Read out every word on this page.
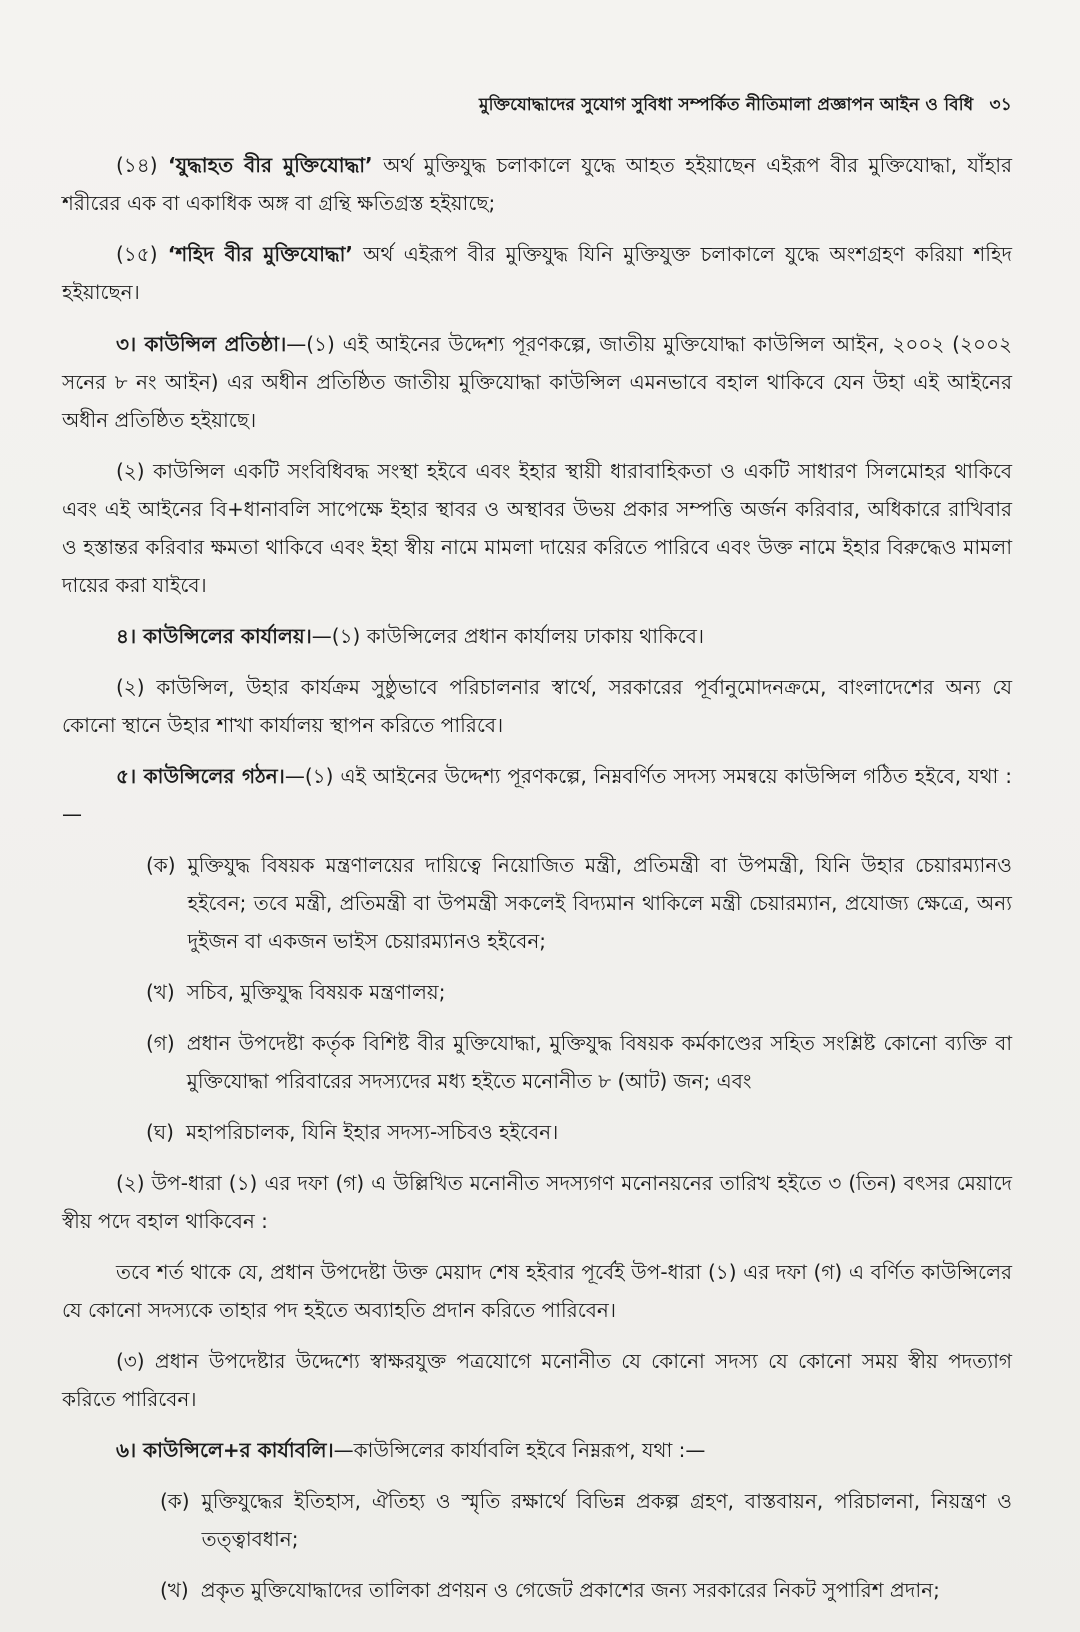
মুক্তিযোদ্ধাদের সুযোগ সুবিধা সম্পর্কিত নীতিমালা প্রজ্ঞাপন আইন ও বিধি ৩১

(১৪) ‘যুদ্ধাহত বীর মুক্তিযোদ্ধা’ অর্থ মুক্তিযুদ্ধ চলাকালে যুদ্ধে আহত হইয়াছেন এইরূপ বীর মুক্তিযোদ্ধা, যাঁহার শরীরের এক বা একাধিক অঙ্গ বা গ্রন্থি ক্ষতিগ্রস্ত হইয়াছে;

(১৫) ‘শহিদ বীর মুক্তিযোদ্ধা’ অর্থ এইরূপ বীর মুক্তিযুদ্ধ যিনি মুক্তিযুক্ত চলাকালে যুদ্ধে অংশগ্রহণ করিয়া শহিদ হইয়াছেন।

৩। কাউন্সিল প্রতিষ্ঠা।—(১) এই আইনের উদ্দেশ্য পূরণকল্পে, জাতীয় মুক্তিযোদ্ধা কাউন্সিল আইন, ২০০২ (২০০২ সনের ৮ নং আইন) এর অধীন প্রতিষ্ঠিত জাতীয় মুক্তিযোদ্ধা কাউন্সিল এমনভাবে বহাল থাকিবে যেন উহা এই আইনের অধীন প্রতিষ্ঠিত হইয়াছে।

(২) কাউন্সিল একটি সংবিধিবদ্ধ সংস্থা হইবে এবং ইহার স্থায়ী ধারাবাহিকতা ও একটি সাধারণ সিলমোহর থাকিবে এবং এই আইনের বি+ধানাবলি সাপেক্ষে ইহার স্থাবর ও অস্থাবর উভয় প্রকার সম্পত্তি অর্জন করিবার, অধিকারে রাখিবার ও হস্তান্তর করিবার ক্ষমতা থাকিবে এবং ইহা স্বীয় নামে মামলা দায়ের করিতে পারিবে এবং উক্ত নামে ইহার বিরুদ্ধেও মামলা দায়ের করা যাইবে।

৪। কাউন্সিলের কার্যালয়।—(১) কাউন্সিলের প্রধান কার্যালয় ঢাকায় থাকিবে।

(২) কাউন্সিল, উহার কার্যক্রম সুষ্ঠুভাবে পরিচালনার স্বার্থে, সরকারের পূর্বানুমোদনক্রমে, বাংলাদেশের অন্য যে কোনো স্থানে উহার শাখা কার্যালয় স্থাপন করিতে পারিবে।

৫। কাউন্সিলের গঠন।—(১) এই আইনের উদ্দেশ্য পূরণকল্পে, নিম্নবর্ণিত সদস্য সমন্বয়ে কাউন্সিল গঠিত হইবে, যথা :—

(ক) মুক্তিযুদ্ধ বিষয়ক মন্ত্রণালয়ের দায়িত্বে নিয়োজিত মন্ত্রী, প্রতিমন্ত্রী বা উপমন্ত্রী, যিনি উহার চেয়ারম্যানও হইবেন; তবে মন্ত্রী, প্রতিমন্ত্রী বা উপমন্ত্রী সকলেই বিদ্যমান থাকিলে মন্ত্রী চেয়ারম্যান, প্রযোজ্য ক্ষেত্রে, অন্য দুইজন বা একজন ভাইস চেয়ারম্যানও হইবেন;
(খ) সচিব, মুক্তিযুদ্ধ বিষয়ক মন্ত্রণালয়;
(গ) প্রধান উপদেষ্টা কর্তৃক বিশিষ্ট বীর মুক্তিযোদ্ধা, মুক্তিযুদ্ধ বিষয়ক কর্মকাণ্ডের সহিত সংশ্লিষ্ট কোনো ব্যক্তি বা মুক্তিযোদ্ধা পরিবারের সদস্যদের মধ্য হইতে মনোনীত ৮ (আট) জন; এবং
(ঘ) মহাপরিচালক, যিনি ইহার সদস্য-সচিবও হইবেন।

(২) উপ-ধারা (১) এর দফা (গ) এ উল্লিখিত মনোনীত সদস্যগণ মনোনয়নের তারিখ হইতে ৩ (তিন) বৎসর মেয়াদে স্বীয় পদে বহাল থাকিবেন :

তবে শর্ত থাকে যে, প্রধান উপদেষ্টা উক্ত মেয়াদ শেষ হইবার পূর্বেই উপ-ধারা (১) এর দফা (গ) এ বর্ণিত কাউন্সিলের যে কোনো সদস্যকে তাহার পদ হইতে অব্যাহতি প্রদান করিতে পারিবেন।

(৩) প্রধান উপদেষ্টার উদ্দেশ্যে স্বাক্ষরযুক্ত পত্রযোগে মনোনীত যে কোনো সদস্য যে কোনো সময় স্বীয় পদত্যাগ করিতে পারিবেন।

৬। কাউন্সিলে+র কার্যাবলি।—কাউন্সিলের কার্যাবলি হইবে নিম্নরূপ, যথা :—

(ক) মুক্তিযুদ্ধের ইতিহাস, ঐতিহ্য ও স্মৃতি রক্ষার্থে বিভিন্ন প্রকল্প গ্রহণ, বাস্তবায়ন, পরিচালনা, নিয়ন্ত্রণ ও তত্ত্বাবধান;
(খ) প্রকৃত মুক্তিযোদ্ধাদের তালিকা প্রণয়ন ও গেজেট প্রকাশের জন্য সরকারের নিকট সুপারিশ প্রদান;
